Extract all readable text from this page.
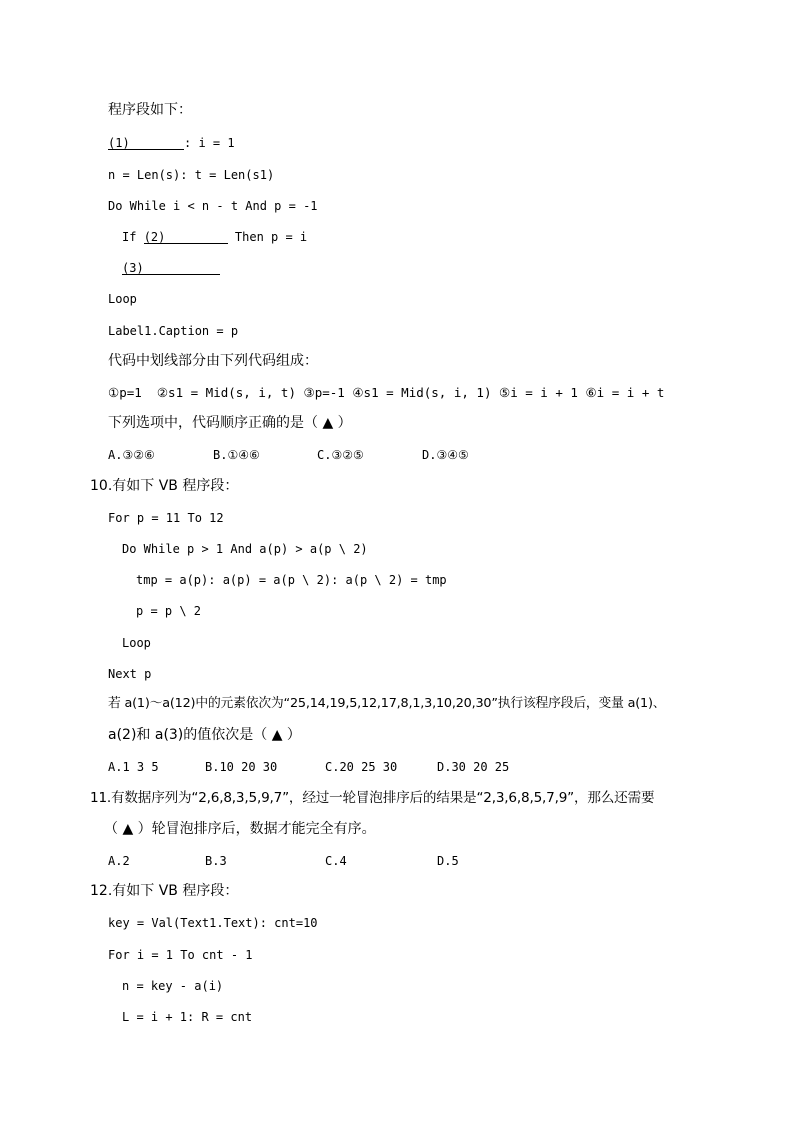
程序段如下：
(1)	: i = 1
n = Len(s): t = Len(s1)
Do While i < n - t And p = -1
If (2)	Then p = i
(3)
Loop
Label1.Caption = p
代码中划线部分由下列代码组成：
①p=1  ②s1 = Mid(s, i, t) ③p=-1 ④s1 = Mid(s, i, 1) ⑤i = i + 1 ⑥i = i + t
下列选项中，代码顺序正确的是（ ▲ ）
A.③②⑥	B.①④⑥	C.③②⑤	D.③④⑤
10.有如下 VB 程序段：
For p = 11 To 12
Do While p > 1 And a(p) > a(p \ 2)
tmp = a(p): a(p) = a(p \ 2): a(p \ 2) = tmp
p = p \ 2
Loop
Next p
若 a(1)～a(12)中的元素依次为“25,14,19,5,12,17,8,1,3,10,20,30”执行该程序段后，变量 a(1)、
a(2)和 a(3)的值依次是（ ▲ ）
A.1 3 5	B.10 20 30	C.20 25 30	D.30 20 25
11.有数据序列为“2,6,8,3,5,9,7”，经过一轮冒泡排序后的结果是“2,3,6,8,5,7,9”，那么还需要
（ ▲ ）轮冒泡排序后，数据才能完全有序。
A.2	B.3	C.4	D.5
12.有如下 VB 程序段：
key = Val(Text1.Text): cnt=10
For i = 1 To cnt - 1
n = key - a(i)
L = i + 1: R = cnt
